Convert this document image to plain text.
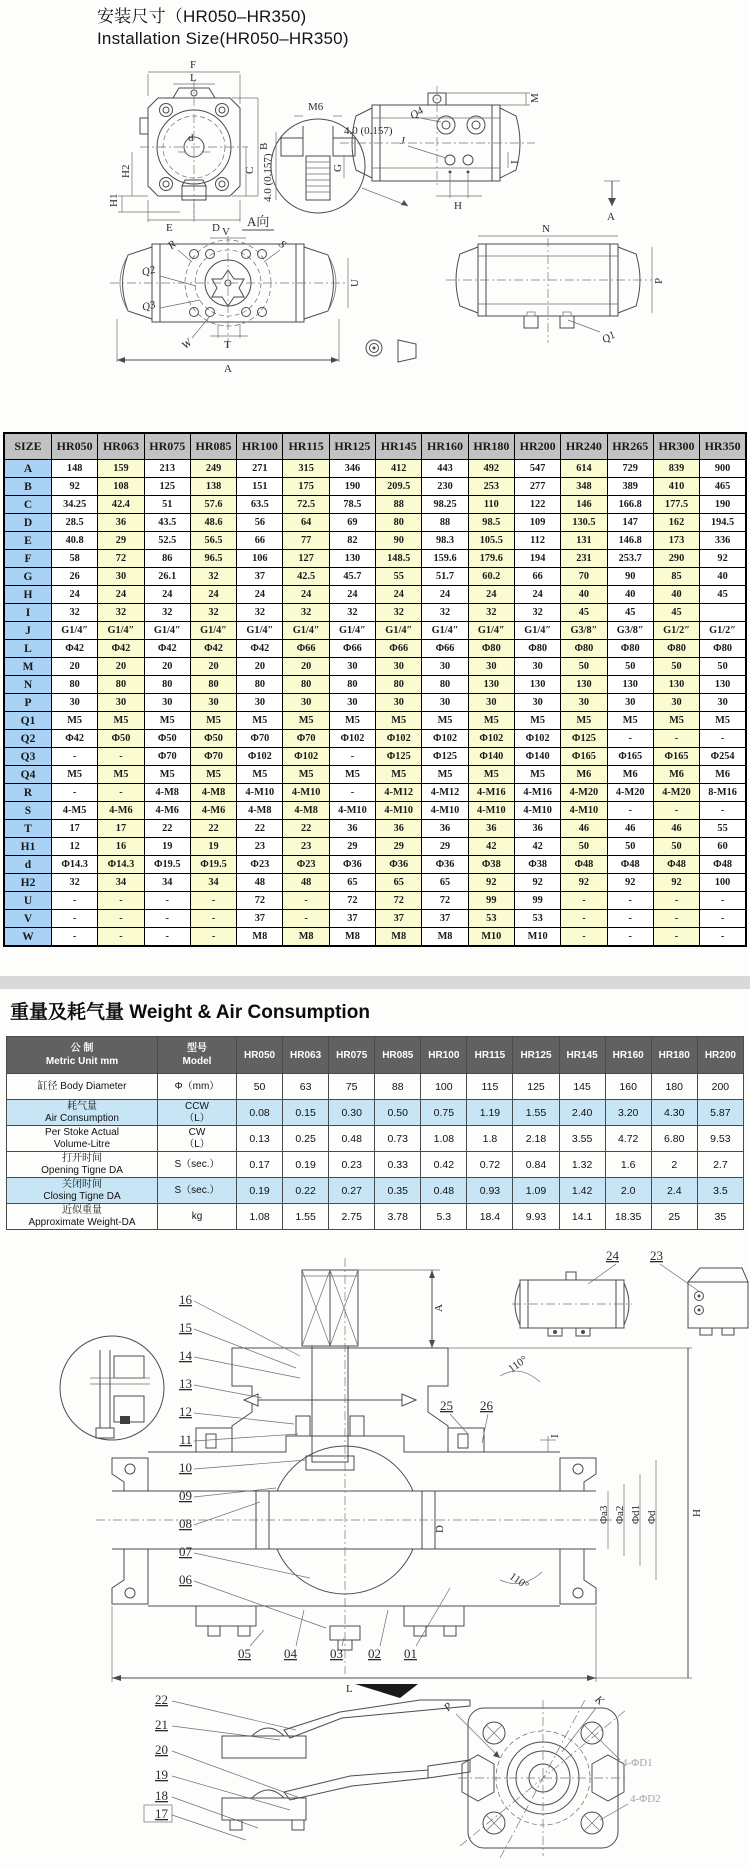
安装尺寸（HR050–HR350)
Installation Size(HR050–HR350)
F
L
B
C
d
H2
H1
E	D
M6
4.0 (0.157)
4.0 (0.157)
M
Q4
J
G
I
H
A
A向
V
R	S
Q2
Q3
W	T
U
A
N
P
Q1
SIZE	HR050	HR063	HR075	HR085	HR100	HR115	HR125	HR145	HR160	HR180	HR200	HR240	HR265	HR300	HR350
A	148	159	213	249	271	315	346	412	443	492	547	614	729	839	900
B	92	108	125	138	151	175	190	209.5	230	253	277	348	389	410	465
C	34.25	42.4	51	57.6	63.5	72.5	78.5	88	98.25	110	122	146	166.8	177.5	190
D	28.5	36	43.5	48.6	56	64	69	80	88	98.5	109	130.5	147	162	194.5
E	40.8	29	52.5	56.5	66	77	82	90	98.3	105.5	112	131	146.8	173	336
F	58	72	86	96.5	106	127	130	148.5	159.6	179.6	194	231	253.7	290	92
G	26	30	26.1	32	37	42.5	45.7	55	51.7	60.2	66	70	90	85	40
H	24	24	24	24	24	24	24	24	24	24	24	40	40	40	45
I	32	32	32	32	32	32	32	32	32	32	32	45	45	45	
J	G1/4″	G1/4″	G1/4″	G1/4″	G1/4″	G1/4″	G1/4″	G1/4″	G1/4″	G1/4″	G1/4″	G3/8″	G3/8″	G1/2″	G1/2″
L	Φ42	Φ42	Φ42	Φ42	Φ42	Φ66	Φ66	Φ66	Φ66	Φ80	Φ80	Φ80	Φ80	Φ80	Φ80
M	20	20	20	20	20	20	30	30	30	30	30	50	50	50	50
N	80	80	80	80	80	80	80	80	80	130	130	130	130	130	130
P	30	30	30	30	30	30	30	30	30	30	30	30	30	30	30
Q1	M5	M5	M5	M5	M5	M5	M5	M5	M5	M5	M5	M5	M5	M5	M5
Q2	Φ42	Φ50	Φ50	Φ50	Φ70	Φ70	Φ102	Φ102	Φ102	Φ102	Φ102	Φ125	-	-	-
Q3	-	-	Φ70	Φ70	Φ102	Φ102	-	Φ125	Φ125	Φ140	Φ140	Φ165	Φ165	Φ165	Φ254
Q4	M5	M5	M5	M5	M5	M5	M5	M5	M5	M5	M5	M6	M6	M6	M6
R	-	-	4-M8	4-M8	4-M10	4-M10	-	4-M12	4-M12	4-M16	4-M16	4-M20	4-M20	4-M20	8-M16
S	4-M5	4-M6	4-M6	4-M6	4-M8	4-M8	4-M10	4-M10	4-M10	4-M10	4-M10	4-M10	-	-	-
T	17	17	22	22	22	22	36	36	36	36	36	46	46	46	55
H1	12	16	19	19	23	23	29	29	29	42	42	50	50	50	60
d	Φ14.3	Φ14.3	Φ19.5	Φ19.5	Φ23	Φ23	Φ36	Φ36	Φ36	Φ38	Φ38	Φ48	Φ48	Φ48	Φ48
H2	32	34	34	34	48	48	65	65	65	92	92	92	92	92	100
U	-	-	-	-	72	-	72	72	72	99	99	-	-	-	-
V	-	-	-	-	37	-	37	37	37	53	53	-	-	-	-
W	-	-	-	-	M8	M8	M8	M8	M8	M10	M10	-	-	-	-
重量及耗气量 Weight & Air Consumption
公 制
Metric Unit mm

型号
Model
	HR050	HR063	HR075	HR085	HR100	HR115	HR125	HR145	HR160	HR180	HR200

缸径 Body Diameter	Φ（mm）	50	63	75	88	100	115	125	145	160	180	200

耗气量
Air Consumption

CCW
（L）	0.08	0.15	0.30	0.50	0.75	1.19	1.55	2.40	3.20	4.30	5.87

Per Stoke Actual
Volume-Litre

CW
（L）	0.13	0.25	0.48	0.73	1.08	1.8	2.18	3.55	4.72	6.80	9.53

打开时间
Opening Tigne DA	S（sec.）	0.17	0.19	0.23	0.33	0.42	0.72	0.84	1.32	1.6	2	2.7

关闭时间
Closing Tigne DA	S（sec.）	0.19	0.22	0.27	0.35	0.48	0.93	1.09	1.42	2.0	2.4	3.5

近似重量
Approximate Weight-DA	kg	1.08	1.55	2.75	3.78	5.3	18.4	9.93	14.1	18.35	25	35
A
H
I
Φa3 Φa2 Φd1 Φd
D
110°
110°
L
16
15
14
13
12
11
10
09
08
07
06
25 26
05	04	03 02 01
24 23
22
21
20
19
18
17
P	K
4-ΦD1
4-ΦD2
